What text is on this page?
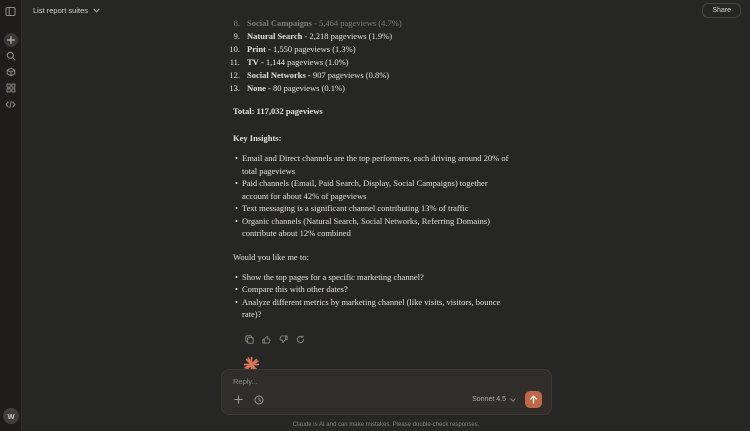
W
List report suites	Share
8. Social Campaigns - 5,464 pageviews (4.7%)
9. Natural Search - 2,218 pageviews (1.9%)
10. Print - 1,550 pageviews (1.3%)
11. TV - 1,144 pageviews (1.0%)
12. Social Networks - 907 pageviews (0.8%)
13. None - 80 pageviews (0.1%)
Total: 117,032 pageviews
Key Insights:
• Email and Direct channels are the top performers, each driving around 20% of total pageviews
• Paid channels (Email, Paid Search, Display, Social Campaigns) together account for about 42% of pageviews
• Text messaging is a significant channel contributing 13% of traffic
• Organic channels (Natural Search, Social Networks, Referring Domains) contribute about 12% combined
Would you like me to:
• Show the top pages for a specific marketing channel?
• Compare this with other dates?
• Analyze different metrics by marketing channel (like visits, visitors, bounce rate)?
Reply...
Sonnet 4.5
Claude is AI and can make mistakes. Please double-check responses.
